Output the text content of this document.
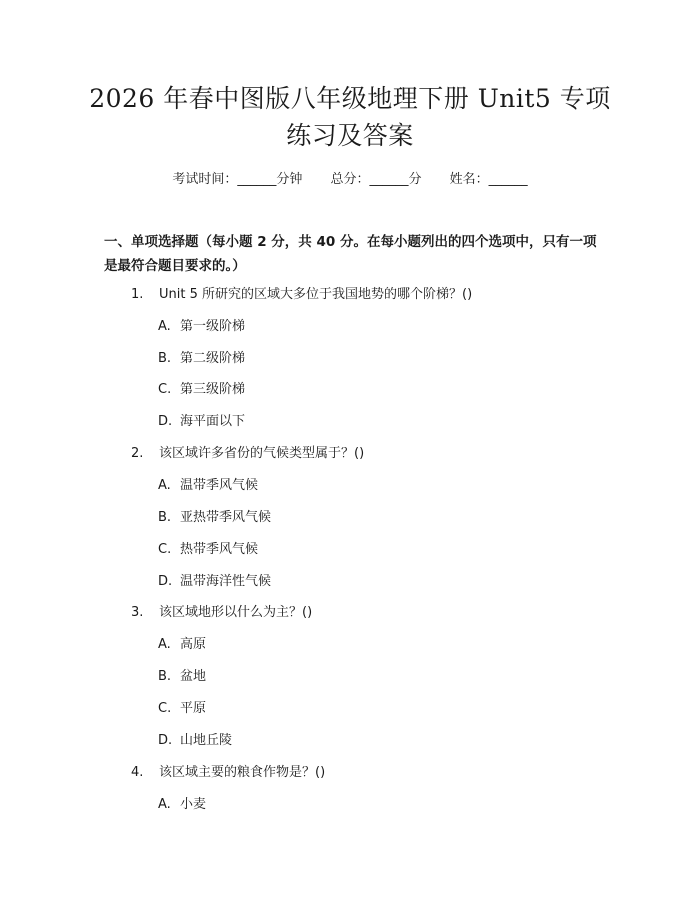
2026 年春中图版八年级地理下册 Unit5 专项
练习及答案
考试时间：______分钟 总分：______分 姓名：______
一、单项选择题（每小题 2 分，共 40 分。在每小题列出的四个选项中，只有一项是最符合题目要求的。）
1. Unit 5 所研究的区域大多位于我国地势的哪个阶梯？()
A. 第一级阶梯
B. 第二级阶梯
C. 第三级阶梯
D. 海平面以下
2. 该区域许多省份的气候类型属于？()
A. 温带季风气候
B. 亚热带季风气候
C. 热带季风气候
D. 温带海洋性气候
3. 该区域地形以什么为主？()
A. 高原
B. 盆地
C. 平原
D. 山地丘陵
4. 该区域主要的粮食作物是？()
A. 小麦
